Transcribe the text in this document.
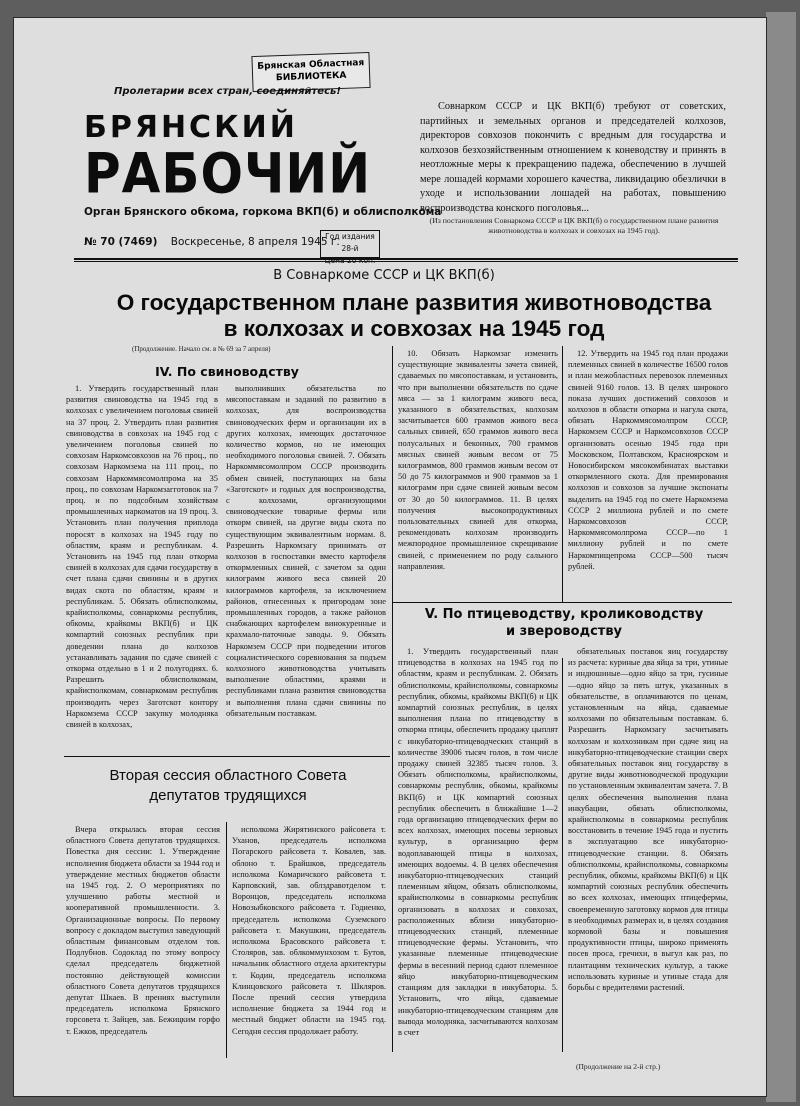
Брянская Областная
БИБЛИОТЕКА
Пролетарии всех стран, соединяйтесь!
БРЯНСКИЙ
РАБОЧИЙ
Орган Брянского обкома, горкома ВКП(б) и облисполкома
№ 70 (7469) Воскресенье, 8 апреля 1945 г.
Год издания 28-й
Совнарком СССР и ЦК ВКП(б) требуют от советских, партийных и земельных органов и председателей колхозов, директоров совхозов покончить с вредным для государства и колхозов безхозяйственным отношением к коневодству и принять в неотложные меры к прекращению падежа, обеспечению в лучшей мере лошадей кормами хорошего качества, ликвидацию обезлички в уходе и использовании лошадей на работах, повышению воспроизводства конского поголовья...
(Из постановления Совнаркома СССР и ЦК ВКП(б) о государственном плане развития животноводства в колхозах и совхозах на 1945 год).
В Совнаркоме СССР и ЦК ВКП(б)
О государственном плане развития животноводства
в колхозах и совхозах на 1945 год
(Продолжение. Начало см. в № 69 за 7 апреля)
IV. По свиноводству

1. Утвердить государственный план развития свиноводства на 1945 год в колхозах с увеличением поголовья свиней на 37 проц. 2. Утвердить план развития свиноводства в совхозах на 1945 год с увеличением поголовья свиней по совхозам Наркомсовхозов на 76 проц., по совхозам Наркомзема на 111 проц., по совхозам Наркоммясомолпрома на 35 проц., по совхозам Наркомзагготовок на 7 проц. и по подсобным хозяйствам промышленных наркоматов на 19 проц. 3. Установить план получения приплода поросят в колхозах на 1945 году по областям, краям и республикам. 4. Установить на 1945 год план откорма свиней в колхозах для сдачи государству в счет плана сдачи свинины и в других видах скота по областям, краям и республикам. 5. Обязать облисполкомы, крайисполкомы, совнаркомы республик, обкомы, крайкомы ВКП(б) и ЦК компартий союзных республик при доведении плана до колхозов устанавливать задания по сдаче свиней с откорма отдельно в 1 и 2 полугодиях. 6. Разрешить облисполкомам, крайисполкомам, совнаркомам республик производить через Заготскот контору Наркомзема СССР закупку молодняка свиней в колхозах,

выполнивших обязательства по мясопоставкам и заданий по развитию в колхозах, для воспроизводства свиноводческих ферм и организации их в других колхозах, имеющих достаточное количество кормов, но не имеющих необходимого поголовья свиней. 7. Обязать Наркоммясомолпром СССР производить обмен свиней, поступающих на базы «Заготскот» и годных для воспроизводства, с колхозами, организующими свиноводческие товарные фермы или откорм свиней, на другие виды скота по существующим эквивалентным нормам. 8. Разрешить Наркомзагу принимать от колхозов в госпоставки вместо картофеля откормленных свиней, с зачетом за один килограмм живого веса свиней 20 килограммов картофеля, за исключением районов, отнесенных к пригородам зоне промышленных городов, а также районов снабжающих картофелем винокуренные и крахмало-паточные заводы. 9. Обязать Наркомзем СССР при подведении итогов социалистического соревнования за подъем колхозного животноводства учитывать выполнение областями, краями и республиками плана развития свиноводства и выполнения плана сдачи свинины по обязательным поставкам.

10. Обязать Наркомзаг изменить существующие эквиваленты зачета свиней, сдаваемых по мясопоставкам, и установить, что при выполнении обязательств по сдаче мяса — за 1 килограмм живого веса, указанного в обязательствах, колхозам засчитывается 600 граммов живого веса сальных свиней, 650 граммов живого веса полусальных и беконных, 700 граммов мясных свиней живым весом от 75 килограммов, 800 граммов живым весом от 50 до 75 килограммов и 900 граммов за 1 килограмм при сдаче свиней живым весом от 30 до 50 килограммов. 11. В целях получения высокопродуктивных пользовательных свиней для откорма, рекомендовать колхозам производить межпородное промышленное скрещивание свиней, с применением по роду сального направления.

12. Утвердить на 1945 год план продажи племенных свиней в количестве 16500 голов и план межобластных перевозок племенных свиней 9160 голов. 13. В целях широкого показа лучших достижений совхозов и колхозов в области откорма и нагула скота, обязать Наркоммясомолпром СССР, Наркомзем СССР и Наркомсовхозов СССР организовать осенью 1945 года при Московском, Полтавском, Красноярском и Новосибирском мясокомбинатах выставки откормленного скота. Для премирования колхозов и совхозов за лучшие экспонаты выделить на 1945 год по смете Наркомзема СССР 2 миллиона рублей и по смете Наркомсовхозов СССР, Наркоммясомолпрома СССР—по 1 миллиону рублей и по смете Наркомпищепрома СССР—500 тысяч рублей.

V. По птицеводству, кролиководству
и звероводству

1. Утвердить государственный план птицеводства в колхозах на 1945 год по областям, краям и республикам. 2. Обязать облисполкомы, крайисполкомы, совнаркомы республик, обкомы, крайкомы ВКП(б) и ЦК компартий союзных республик, в целях выполнения плана по птицеводству в откорма птицы, обеспечить продажу цыплят с инкубаторно-птицеводческих станций в количестве 39006 тысяч голов, в том числе продажу свиней 32385 тысяч голов. 3. Обязать облисполкомы, крайисполкомы, совнаркомы республик, обкомы, крайкомы ВКП(б) и ЦК компартий союзных республик обеспечить в ближайшие 1—2 года организацию птицеводческих ферм во всех колхозах, имеющих посевы зерновых культур, в организацию ферм водоплавающей птицы в колхозах, имеющих водоемы. 4. В целях обеспечения инкубаторно-птицеводческих станций племенным яйцом, обязать облисполкомы, крайисполкомы в совнаркомы республик организовать в колхозах и совхозах, расположенных вблизи инкубаторно-птицеводческих станций, племенные птицеводческие фермы. Установить, что указанные племенные птицеводческие фермы в весенний период сдают племенное яйцо инкубаторно-птицеводческим станциям для закладки в инкубаторы. 5. Установить, что яйца, сдаваемые инкубаторно-птицеводческим станциям для вывода молодняка, засчитываются колхозам в счет

обязательных поставок яиц государству из расчета: куриные два яйца за три, утиные и индюшиные—одно яйцо за три, гусиные—одно яйцо за пять штук, указанных в обязательстве, в оплачиваются по ценам, установленным на яйца, сдаваемые колхозами по обязательным поставкам. 6. Разрешить Наркомзагу засчитывать колхозам и колхозникам при сдаче яиц на инкубаторно-птицеводческие станции сверх обязательных поставок яиц государству в другие виды животноводческой продукции по установленным эквивалентам зачета. 7. В целях обеспечения выполнения плана инкубации, обязать облисполкомы, крайисполкомы в совнаркомы республик восстановить в течение 1945 года и пустить в эксплуатацию все инкубаторно-птицеводческие станции. 8. Обязать облисполкомы, крайисполкомы, совнаркомы республик, обкомы, крайкомы ВКП(б) и ЦК компартий союзных республик обеспечить во всех колхозах, имеющих птицефермы, своевременную заготовку кормов для птицы в необходимых размерах и, в целях создания кормовой базы и повышения продуктивности птицы, широко применять посев проса, гречихи, в выгул как раз, по плантациям технических культур, а также использовать куриные и утиные стада для борьбы с вредителями растений.

(Продолжение на 2-й стр.)
Вторая сессия областного Совета
депутатов трудящихся

Вчера открылась вторая сессия областного Совета депутатов трудящихся. Повестка дня сессии: 1. Утверждение исполнения бюджета области за 1944 год и утверждение местных бюджетов области на 1945 год. 2. О мероприятиях по улучшению работы местной и кооперативной промышленности. 3. Организационные вопросы. По первому вопросу с докладом выступил заведующий областным финансовым отделом тов. Подлубнов. Содоклад по этому вопросу сделал председатель бюджетной постоянно действующей комиссии областного Совета депутатов трудящихся депутат Шкаев. В прениях выступили председатель исполкома Брянского горсовета т. Зайцев, зав. Бежицким горфо т. Ежков, председатель

исполкома Жирятинского райсовета т. Уханов, председатель исполкома Погарского райсовета т. Ковалев, зав. облоно т. Брайшков, председатель исполкома Комаричского райсовета т. Карповский, зав. облздравотделом т. Воронцов, председатель исполкома Новозыбковского райсовета т. Годиенко, председатель исполкома Суземского райсовета т. Макушкин, председатель исполкома Брасовского райсовета т. Столяров, зав. облкоммунхозом т. Бутов, начальник областного отдела архитектуры т. Кодин, председатель исполкома Клинцовского райсовета т. Шкляров. После прений сессия утвердила исполнение бюджета за 1944 год и местный бюджет области на 1945 год. Сегодня сессия продолжает работу.
